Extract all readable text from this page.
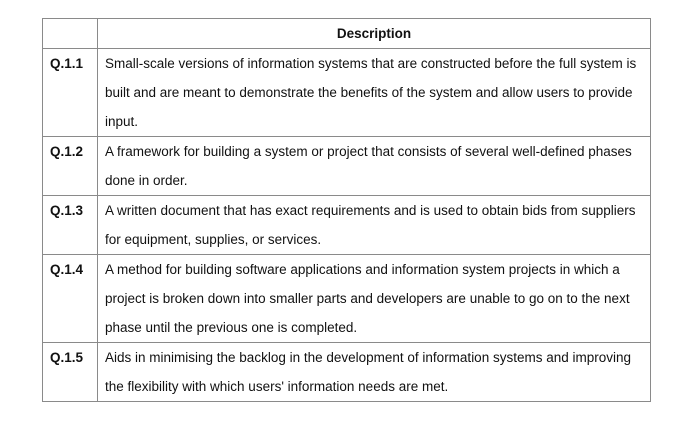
	Description
Q.1.1	Small-scale versions of information systems that are constructed before the full system is built and are meant to demonstrate the benefits of the system and allow users to provide input.
Q.1.2	A framework for building a system or project that consists of several well-defined phases done in order.
Q.1.3	A written document that has exact requirements and is used to obtain bids from suppliers for equipment, supplies, or services.
Q.1.4	A method for building software applications and information system projects in which a project is broken down into smaller parts and developers are unable to go on to the next phase until the previous one is completed.
Q.1.5	Aids in minimising the backlog in the development of information systems and improving the flexibility with which users' information needs are met.
